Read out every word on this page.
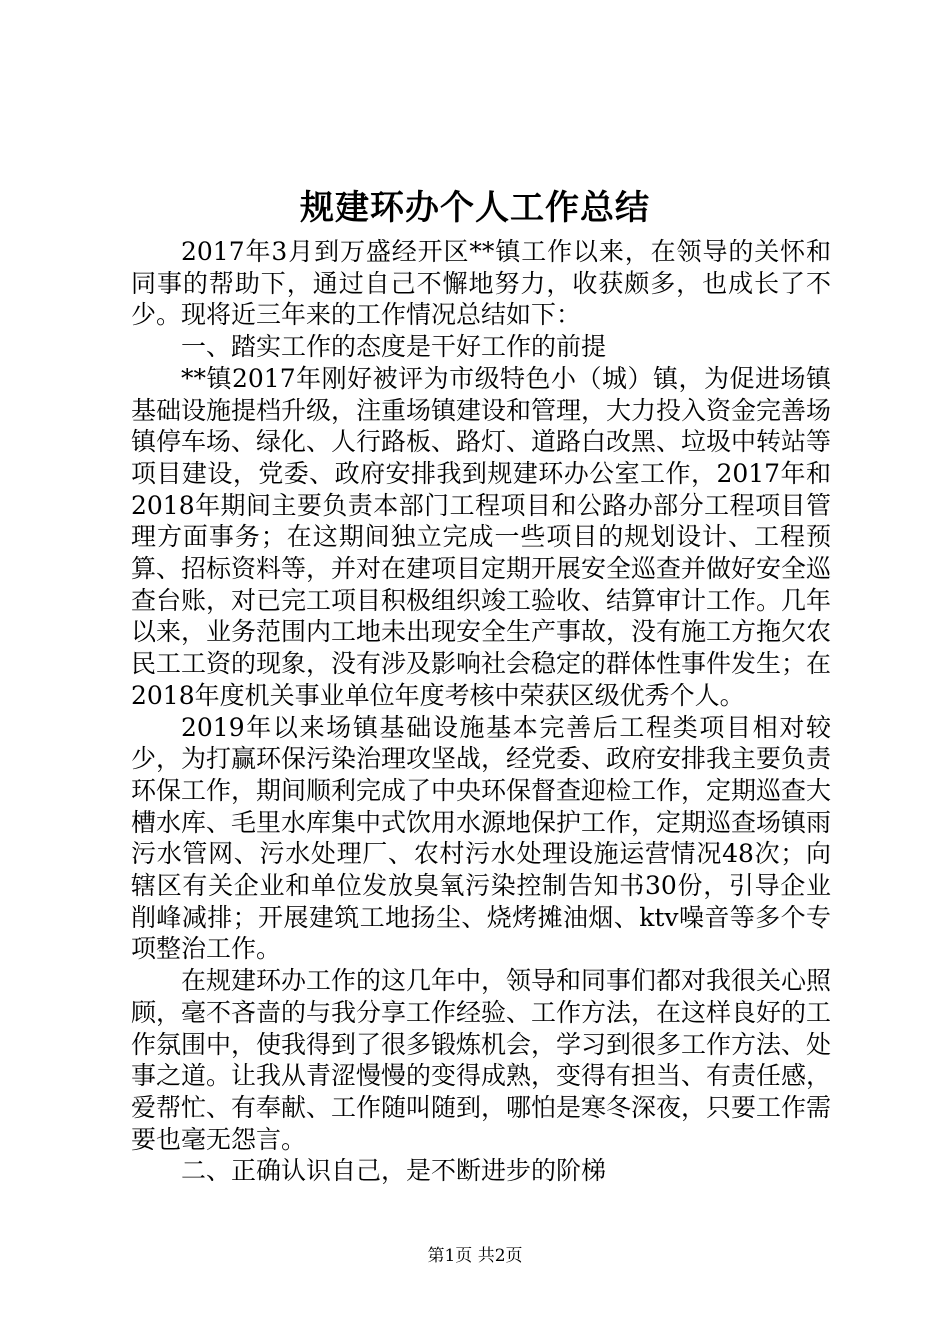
规建环办个人工作总结

2017年3月到万盛经开区**镇工作以来，在领导的关怀和同事的帮助下，通过自己不懈地努力，收获颇多，也成长了不少。现将近三年来的工作情况总结如下：

一、踏实工作的态度是干好工作的前提

**镇2017年刚好被评为市级特色小（城）镇，为促进场镇基础设施提档升级，注重场镇建设和管理，大力投入资金完善场镇停车场、绿化、人行路板、路灯、道路白改黑、垃圾中转站等项目建设，党委、政府安排我到规建环办公室工作，2017年和2018年期间主要负责本部门工程项目和公路办部分工程项目管理方面事务；在这期间独立完成一些项目的规划设计、工程预算、招标资料等，并对在建项目定期开展安全巡查并做好安全巡查台账，对已完工项目积极组织竣工验收、结算审计工作。几年以来，业务范围内工地未出现安全生产事故，没有施工方拖欠农民工工资的现象，没有涉及影响社会稳定的群体性事件发生；在2018年度机关事业单位年度考核中荣获区级优秀个人。

2019年以来场镇基础设施基本完善后工程类项目相对较少，为打赢环保污染治理攻坚战，经党委、政府安排我主要负责环保工作，期间顺利完成了中央环保督查迎检工作，定期巡查大槽水库、毛里水库集中式饮用水源地保护工作，定期巡查场镇雨污水管网、污水处理厂、农村污水处理设施运营情况48次；向辖区有关企业和单位发放臭氧污染控制告知书30份，引导企业削峰减排；开展建筑工地扬尘、烧烤摊油烟、ktv噪音等多个专项整治工作。

在规建环办工作的这几年中，领导和同事们都对我很关心照顾，毫不吝啬的与我分享工作经验、工作方法，在这样良好的工作氛围中，使我得到了很多锻炼机会，学习到很多工作方法、处事之道。让我从青涩慢慢的变得成熟，变得有担当、有责任感，爱帮忙、有奉献、工作随叫随到，哪怕是寒冬深夜，只要工作需要也毫无怨言。

二、正确认识自己，是不断进步的阶梯

第1页 共2页
